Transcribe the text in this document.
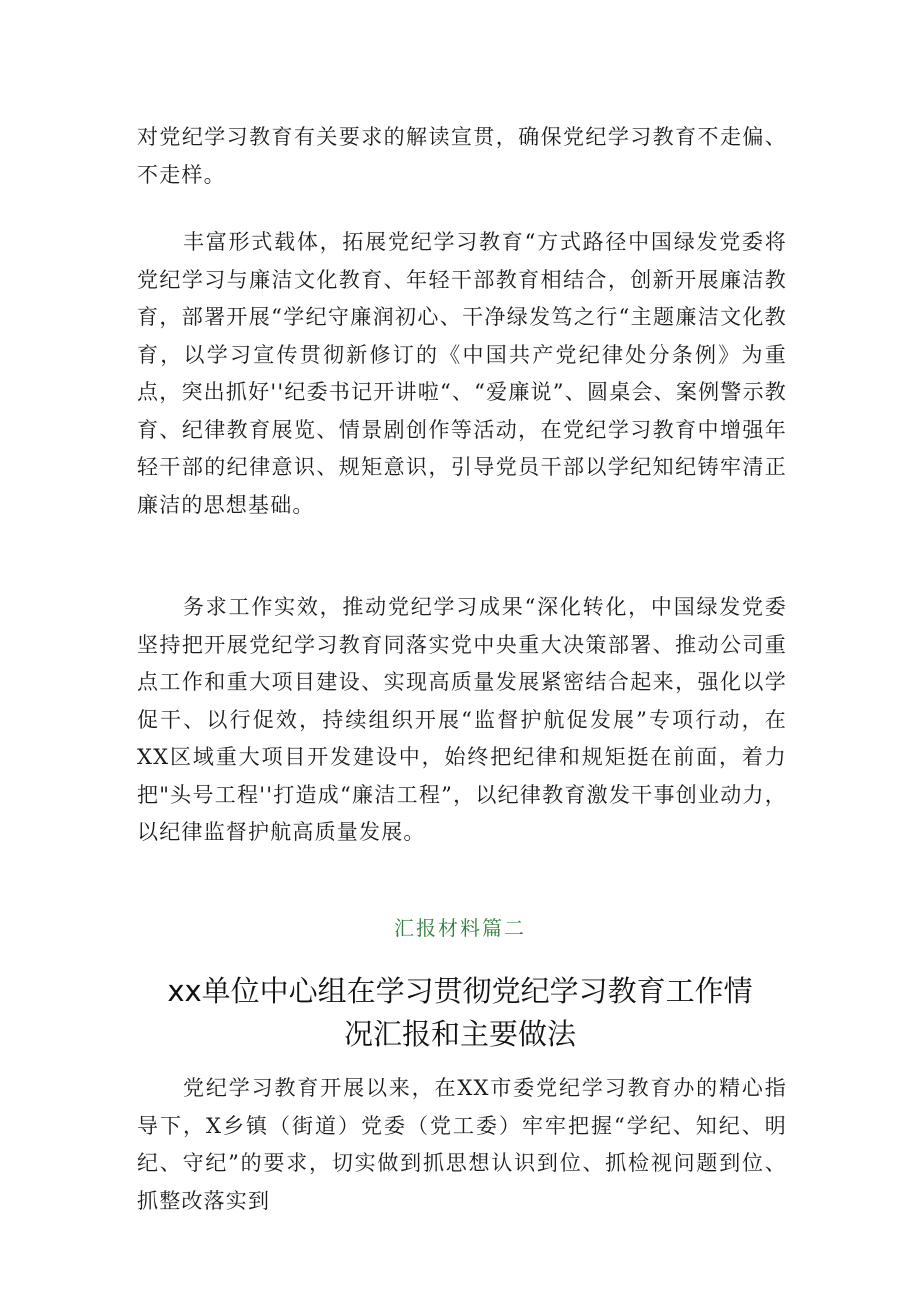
对党纪学习教育有关要求的解读宣贯，确保党纪学习教育不走偏、不走样。

丰富形式载体，拓展党纪学习教育“方式路径中国绿发党委将党纪学习与廉洁文化教育、年轻干部教育相结合，创新开展廉洁教育，部署开展“学纪守廉润初心、干净绿发笃之行“主题廉洁文化教育，以学习宣传贯彻新修订的《中国共产党纪律处分条例》为重点，突出抓好''纪委书记开讲啦“、“爱廉说”、圆桌会、案例警示教育、纪律教育展览、情景剧创作等活动，在党纪学习教育中增强年轻干部的纪律意识、规矩意识，引导党员干部以学纪知纪铸牢清正廉洁的思想基础。

务求工作实效，推动党纪学习成果“深化转化，中国绿发党委坚持把开展党纪学习教育同落实党中央重大决策部署、推动公司重点工作和重大项目建设、实现高质量发展紧密结合起来，强化以学促干、以行促效，持续组织开展“监督护航促发展”专项行动，在XX区域重大项目开发建设中，始终把纪律和规矩挺在前面，着力把"头号工程''打造成“廉洁工程”，以纪律教育激发干事创业动力，以纪律监督护航高质量发展。

汇报材料篇二

xx单位中心组在学习贯彻党纪学习教育工作情况汇报和主要做法

党纪学习教育开展以来，在XX市委党纪学习教育办的精心指导下，X乡镇（街道）党委（党工委）牢牢把握“学纪、知纪、明纪、守纪”的要求，切实做到抓思想认识到位、抓检视问题到位、抓整改落实到
